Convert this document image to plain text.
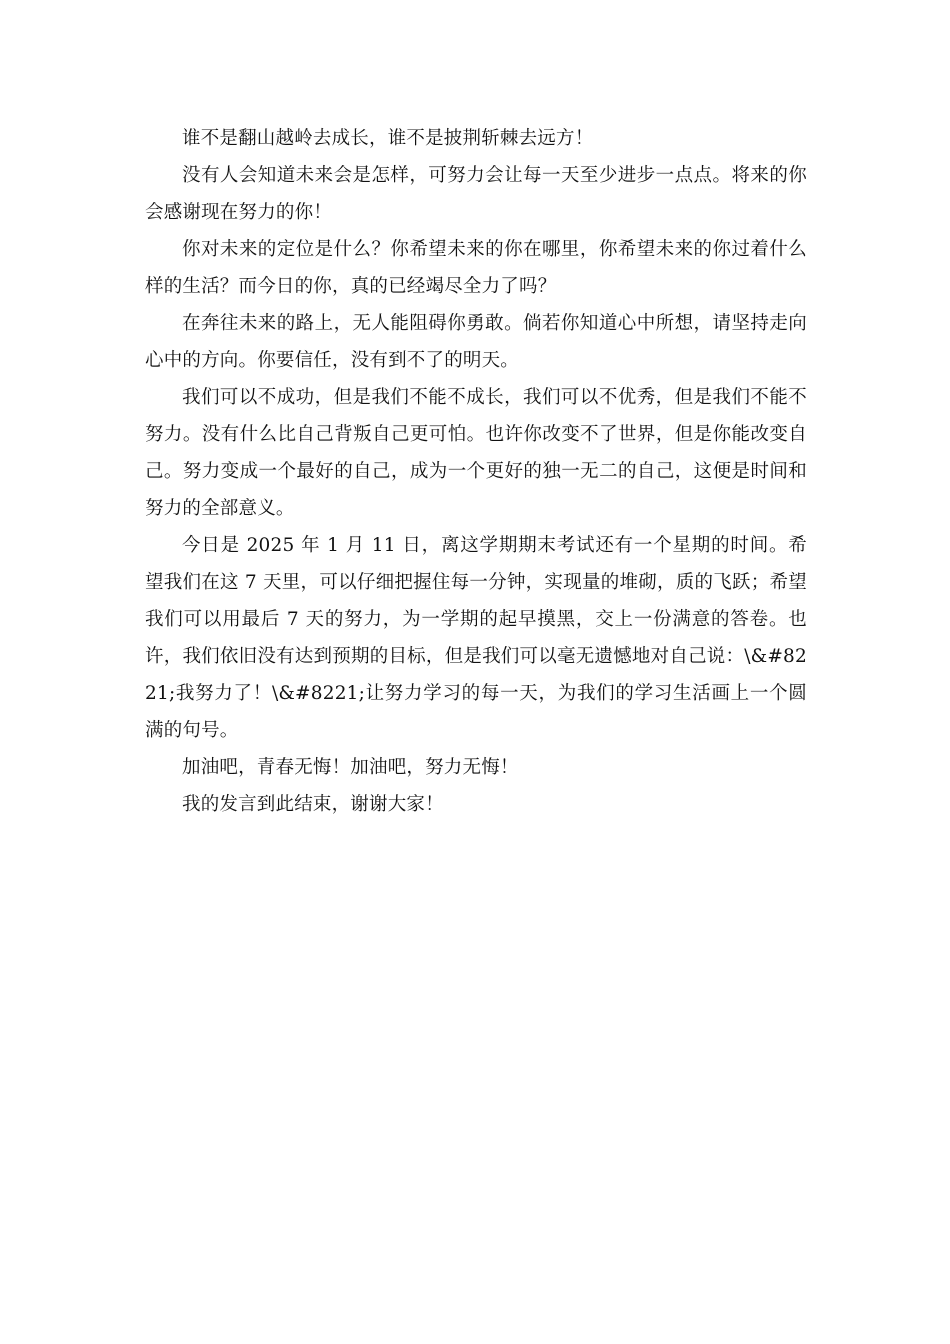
谁不是翻山越岭去成长，谁不是披荆斩棘去远方！

没有人会知道未来会是怎样，可努力会让每一天至少进步一点点。将来的你会感谢现在努力的你！

你对未来的定位是什么？你希望未来的你在哪里，你希望未来的你过着什么样的生活？而今日的你，真的已经竭尽全力了吗？

在奔往未来的路上，无人能阻碍你勇敢。倘若你知道心中所想，请坚持走向心中的方向。你要信任，没有到不了的明天。

我们可以不成功，但是我们不能不成长，我们可以不优秀，但是我们不能不努力。没有什么比自己背叛自己更可怕。也许你改变不了世界，但是你能改变自己。努力变成一个最好的自己，成为一个更好的独一无二的自己，这便是时间和努力的全部意义。

今日是 2025 年 1 月 11 日，离这学期期末考试还有一个星期的时间。希望我们在这 7 天里，可以仔细把握住每一分钟，实现量的堆砌，质的飞跃；希望我们可以用最后 7 天的努力，为一学期的起早摸黑，交上一份满意的答卷。也许，我们依旧没有达到预期的目标，但是我们可以毫无遗憾地对自己说：\&#8221;我努力了！\&#8221;让努力学习的每一天，为我们的学习生活画上一个圆满的句号。

加油吧，青春无悔！加油吧，努力无悔！

我的发言到此结束，谢谢大家！
